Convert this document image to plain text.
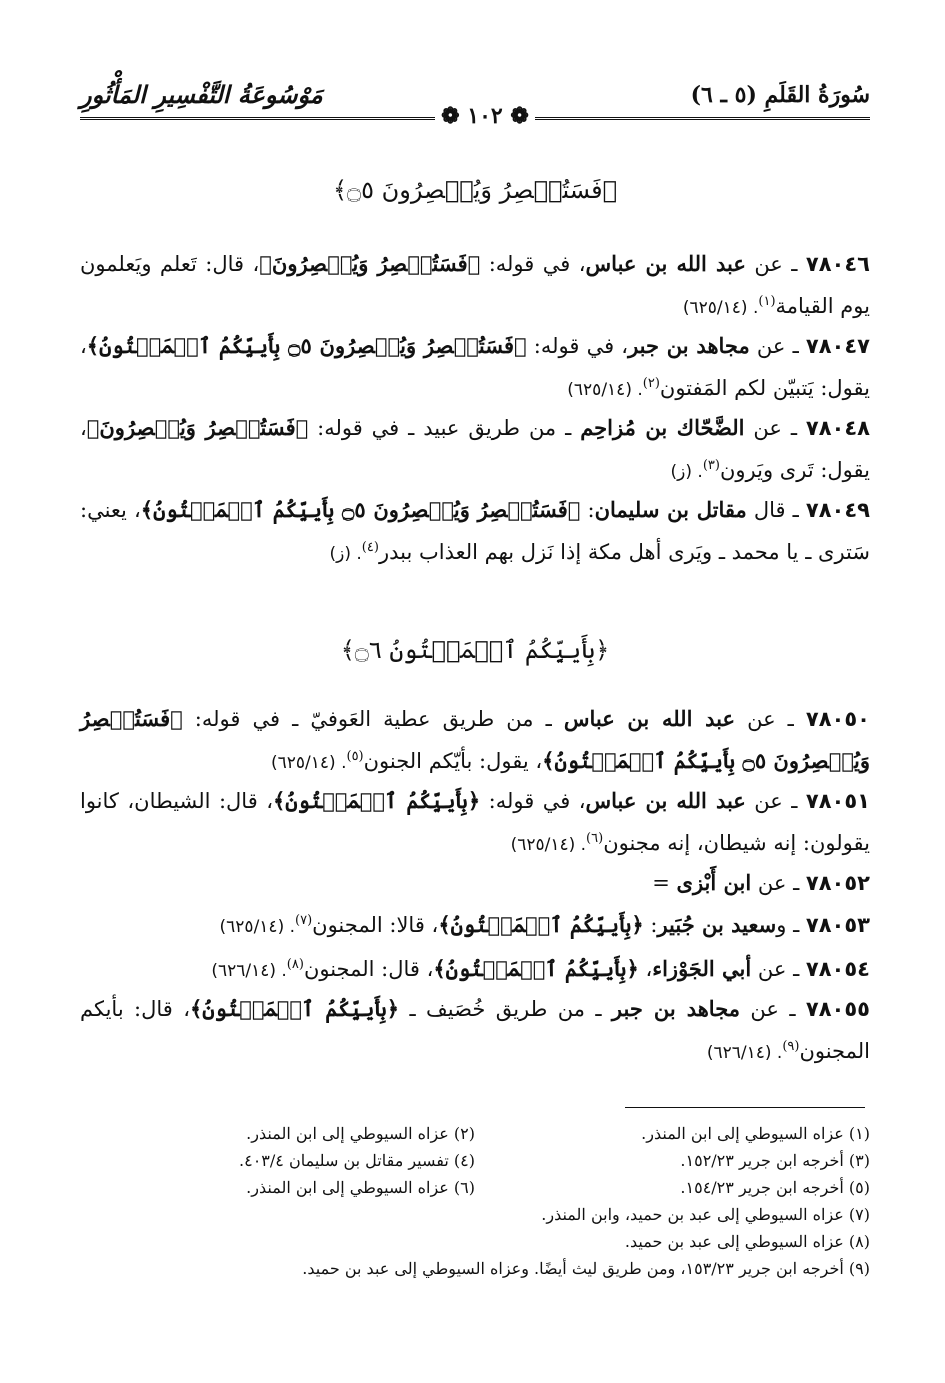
سُورَةُ القَلَمِ (٥ ـ ٦)
مَوْسُوعَةُ التَّفْسِيرِ المَأْثُورِ
❁ ١٠٢ ❁
﴿فَسَتُبۡصِرُ وَيُبۡصِرُونَ ۝٥﴾
٧٨٠٤٦ ـ عن عبد الله بن عباس، في قوله: ﴿فَسَتُبۡصِرُ وَيُبۡصِرُونَ﴾، قال: تَعلم ويَعلمون يوم القيامة$^{(١)}$. (٦٢٥/١٤)
٧٨٠٤٧ ـ عن مجاهد بن جبر، في قوله: ﴿فَسَتُبۡصِرُ وَيُبۡصِرُونَ ۝٥ بِأَييِّكُمُ ٱلۡمَفۡتُونُ﴾، يقول: يَتبيّن لكم المَفتون$^{(٢)}$. (٦٢٥/١٤)
٧٨٠٤٨ ـ عن الضَّحّاك بن مُزاحِم ـ من طريق عبيد ـ في قوله: ﴿فَسَتُبۡصِرُ وَيُبۡصِرُونَ﴾، يقول: تَرى ويَرون$^{(٣)}$. (ز)
٧٨٠٤٩ ـ قال مقاتل بن سليمان: ﴿فَسَتُبۡصِرُ وَيُبۡصِرُونَ ۝٥ بِأَييِّكُمُ ٱلۡمَفۡتُونُ﴾، يعني: سَترى ـ يا محمد ـ ويَرى أهل مكة إذا نَزل بهم العذاب ببدر$^{(٤)}$. (ز)
﴿بِأَييِّكُمُ ٱلۡمَفۡتُونُ ۝٦﴾
٧٨٠٥٠ ـ عن عبد الله بن عباس ـ من طريق عطية العَوفيّ ـ في قوله: ﴿فَسَتُبۡصِرُ وَيُبۡصِرُونَ ۝٥ بِأَييِّكُمُ ٱلۡمَفۡتُونُ﴾، يقول: بأيّكم الجنون$^{(٥)}$. (٦٢٥/١٤)
٧٨٠٥١ ـ عن عبد الله بن عباس، في قوله: ﴿بِأَييِّكُمُ ٱلۡمَفۡتُونُ﴾، قال: الشيطان، كانوا يقولون: إنه شيطان، إنه مجنون$^{(٦)}$. (٦٢٥/١٤)
٧٨٠٥٢ ـ عن ابن أَبْزى =
٧٨٠٥٣ ـ وسعيد بن جُبَير: ﴿بِأَييِّكُمُ ٱلۡمَفۡتُونُ﴾، قالا: المجنون$^{(٧)}$. (٦٢٥/١٤)
٧٨٠٥٤ ـ عن أبي الجَوْزاء، ﴿بِأَييِّكُمُ ٱلۡمَفۡتُونُ﴾، قال: المجنون$^{(٨)}$. (٦٢٦/١٤)
٧٨٠٥٥ ـ عن مجاهد بن جبر ـ من طريق خُصَيف ـ ﴿بِأَييِّكُمُ ٱلۡمَفۡتُونُ﴾، قال: بأيكم المجنون$^{(٩)}$. (٦٢٦/١٤)
(١) عزاه السيوطي إلى ابن المنذر.
(٢) عزاه السيوطي إلى ابن المنذر.
(٣) أخرجه ابن جرير ١٥٢/٢٣.
(٤) تفسير مقاتل بن سليمان ٤٠٣/٤.
(٥) أخرجه ابن جرير ١٥٤/٢٣.
(٦) عزاه السيوطي إلى ابن المنذر.
(٧) عزاه السيوطي إلى عبد بن حميد، وابن المنذر.
(٨) عزاه السيوطي إلى عبد بن حميد.
(٩) أخرجه ابن جرير ١٥٣/٢٣، ومن طريق ليث أيضًا. وعزاه السيوطي إلى عبد بن حميد.
